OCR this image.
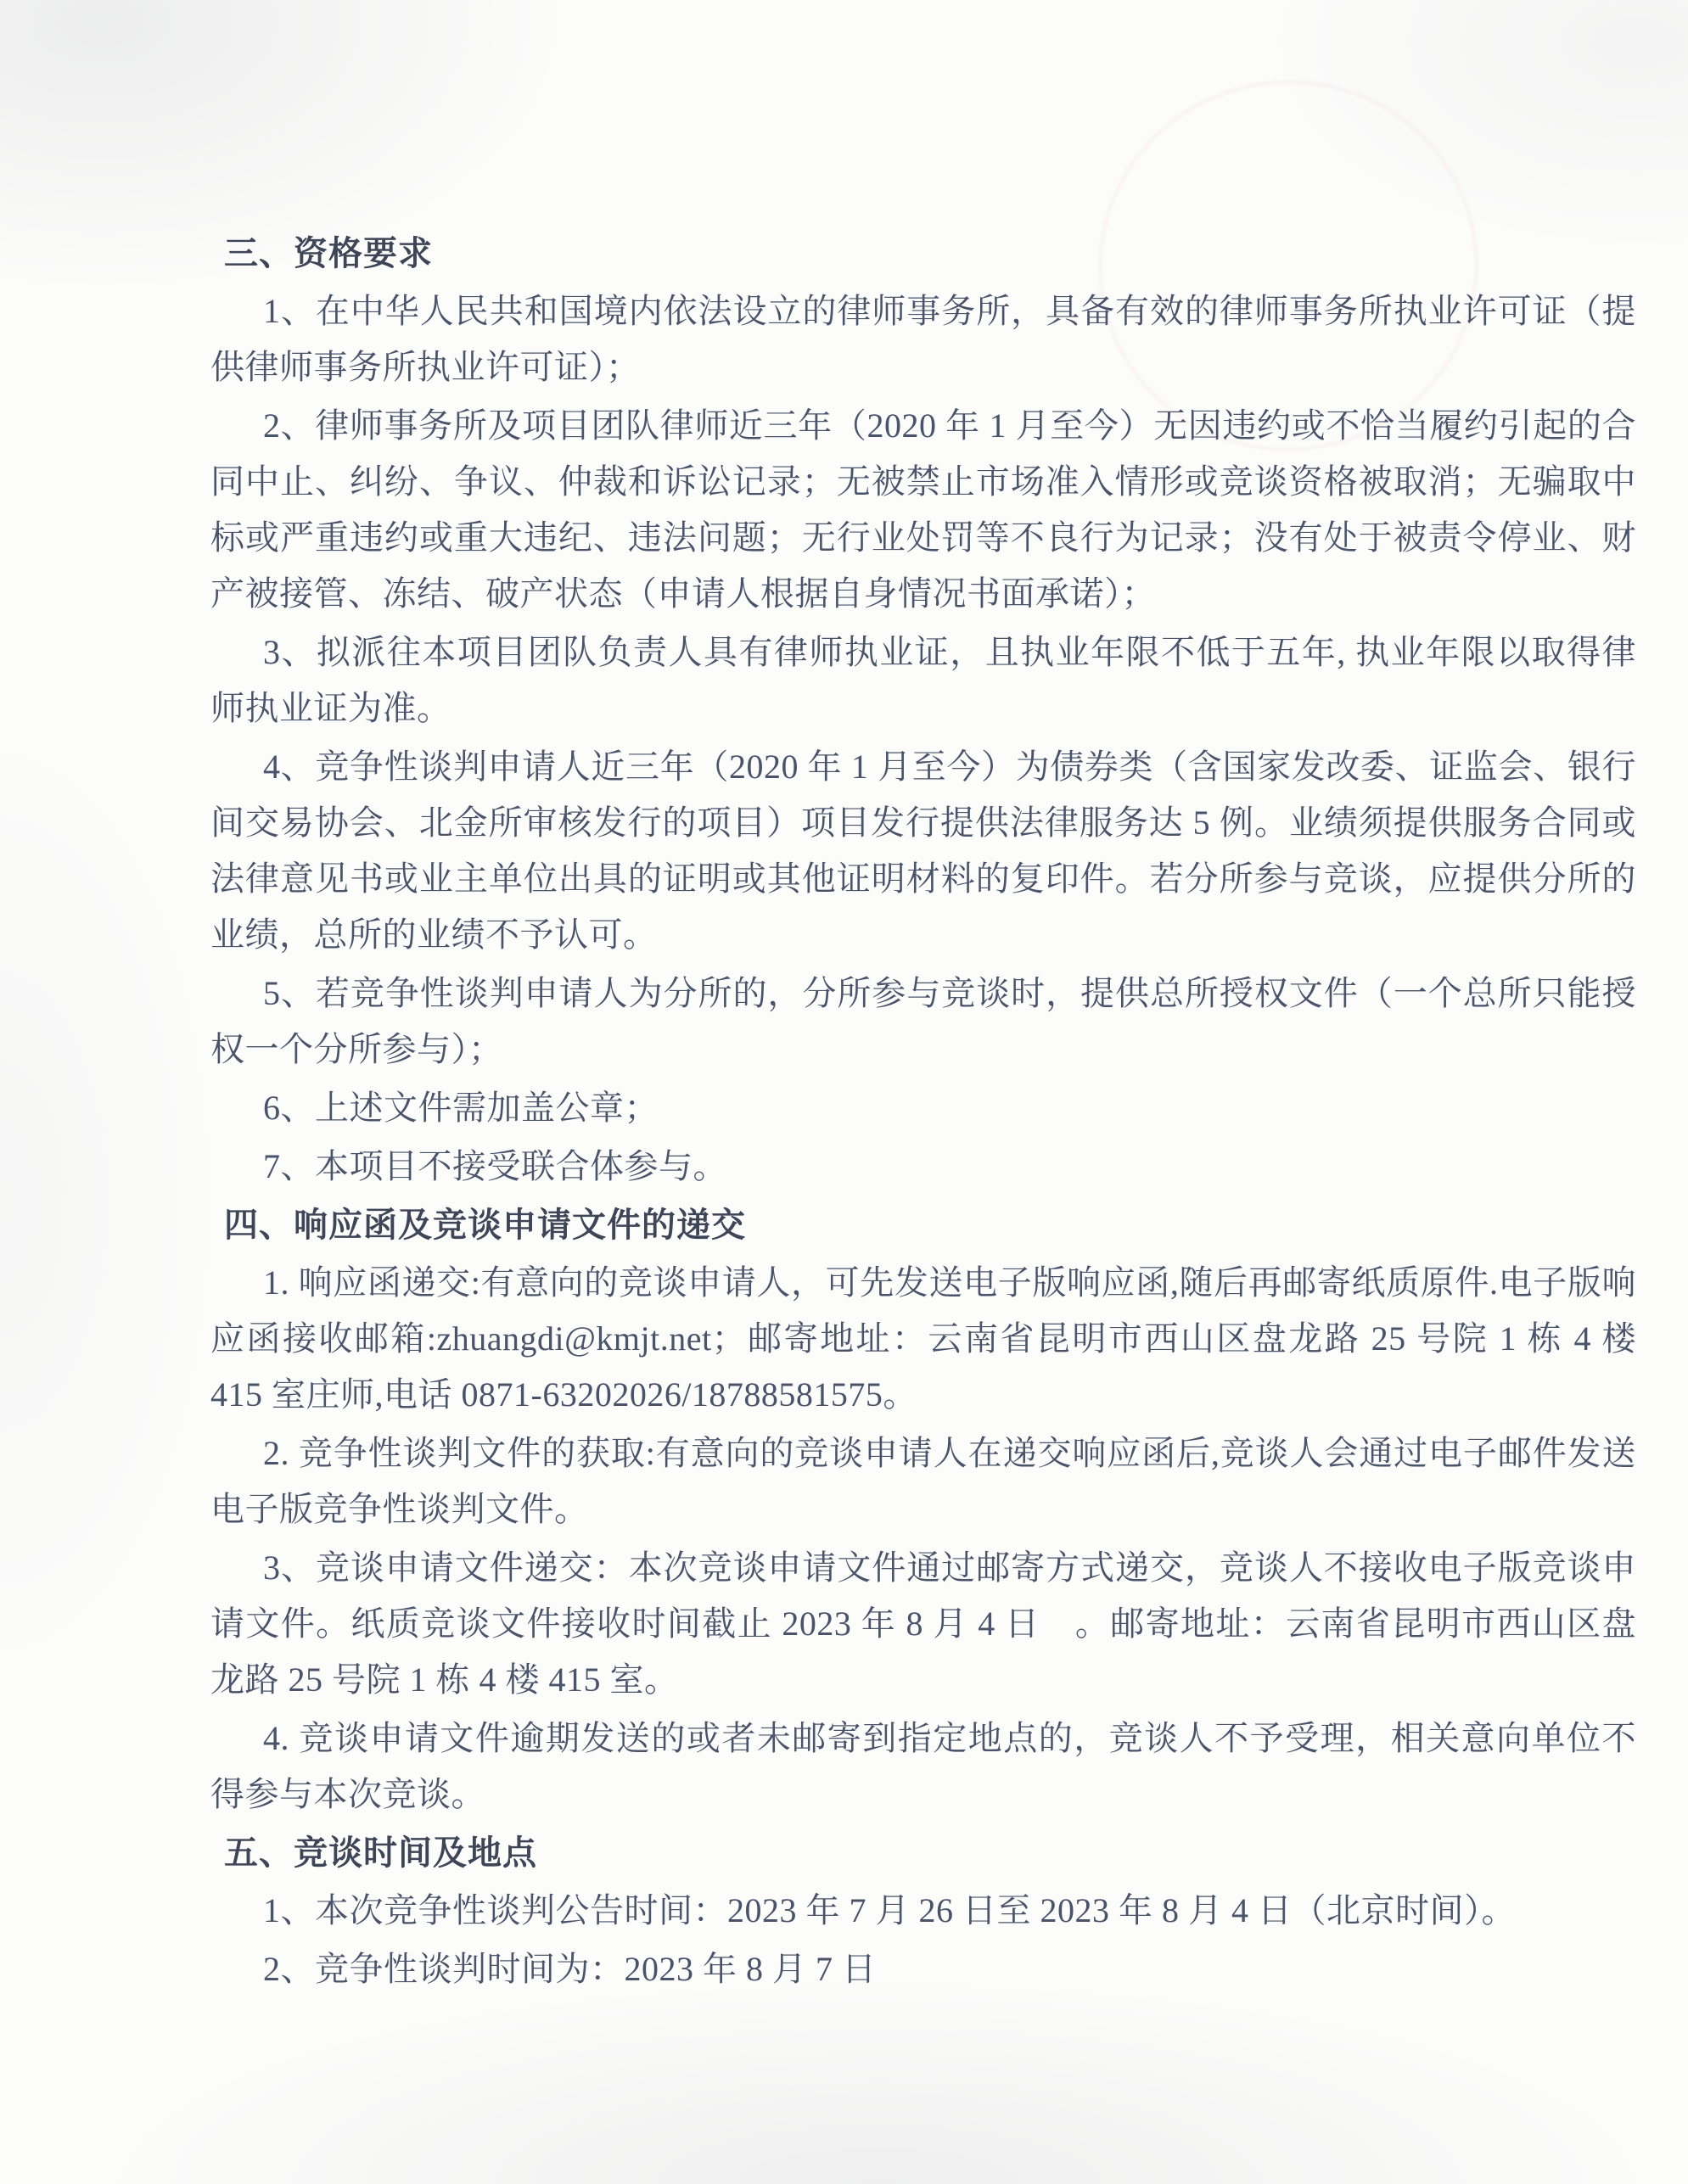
三、资格要求
1、在中华人民共和国境内依法设立的律师事务所，具备有效的律师事务所执业许可证（提供律师事务所执业许可证）；
2、律师事务所及项目团队律师近三年（2020 年 1 月至今）无因违约或不恰当履约引起的合同中止、纠纷、争议、仲裁和诉讼记录；无被禁止市场准入情形或竞谈资格被取消；无骗取中标或严重违约或重大违纪、违法问题；无行业处罚等不良行为记录；没有处于被责令停业、财产被接管、冻结、破产状态（申请人根据自身情况书面承诺）；
3、拟派往本项目团队负责人具有律师执业证，且执业年限不低于五年, 执业年限以取得律师执业证为准。
4、竞争性谈判申请人近三年（2020 年 1 月至今）为债券类（含国家发改委、证监会、银行间交易协会、北金所审核发行的项目）项目发行提供法律服务达 5 例。业绩须提供服务合同或法律意见书或业主单位出具的证明或其他证明材料的复印件。若分所参与竞谈，应提供分所的业绩，总所的业绩不予认可。
5、若竞争性谈判申请人为分所的，分所参与竞谈时，提供总所授权文件（一个总所只能授权一个分所参与）；
6、上述文件需加盖公章；
7、本项目不接受联合体参与。
四、响应函及竞谈申请文件的递交
1. 响应函递交:有意向的竞谈申请人，可先发送电子版响应函,随后再邮寄纸质原件.电子版响应函接收邮箱:zhuangdi@kmjt.net；邮寄地址：云南省昆明市西山区盘龙路 25 号院 1 栋 4 楼 415 室庄师,电话 0871-63202026/18788581575。
2. 竞争性谈判文件的获取:有意向的竞谈申请人在递交响应函后,竞谈人会通过电子邮件发送电子版竞争性谈判文件。
3、竞谈申请文件递交：本次竞谈申请文件通过邮寄方式递交，竞谈人不接收电子版竞谈申请文件。纸质竞谈文件接收时间截止 2023 年 8 月 4 日　。邮寄地址：云南省昆明市西山区盘龙路 25 号院 1 栋 4 楼 415 室。
4. 竞谈申请文件逾期发送的或者未邮寄到指定地点的，竞谈人不予受理，相关意向单位不得参与本次竞谈。
五、竞谈时间及地点
1、本次竞争性谈判公告时间：2023 年 7 月 26 日至 2023 年 8 月 4 日（北京时间）。
2、竞争性谈判时间为：2023 年 8 月 7 日
